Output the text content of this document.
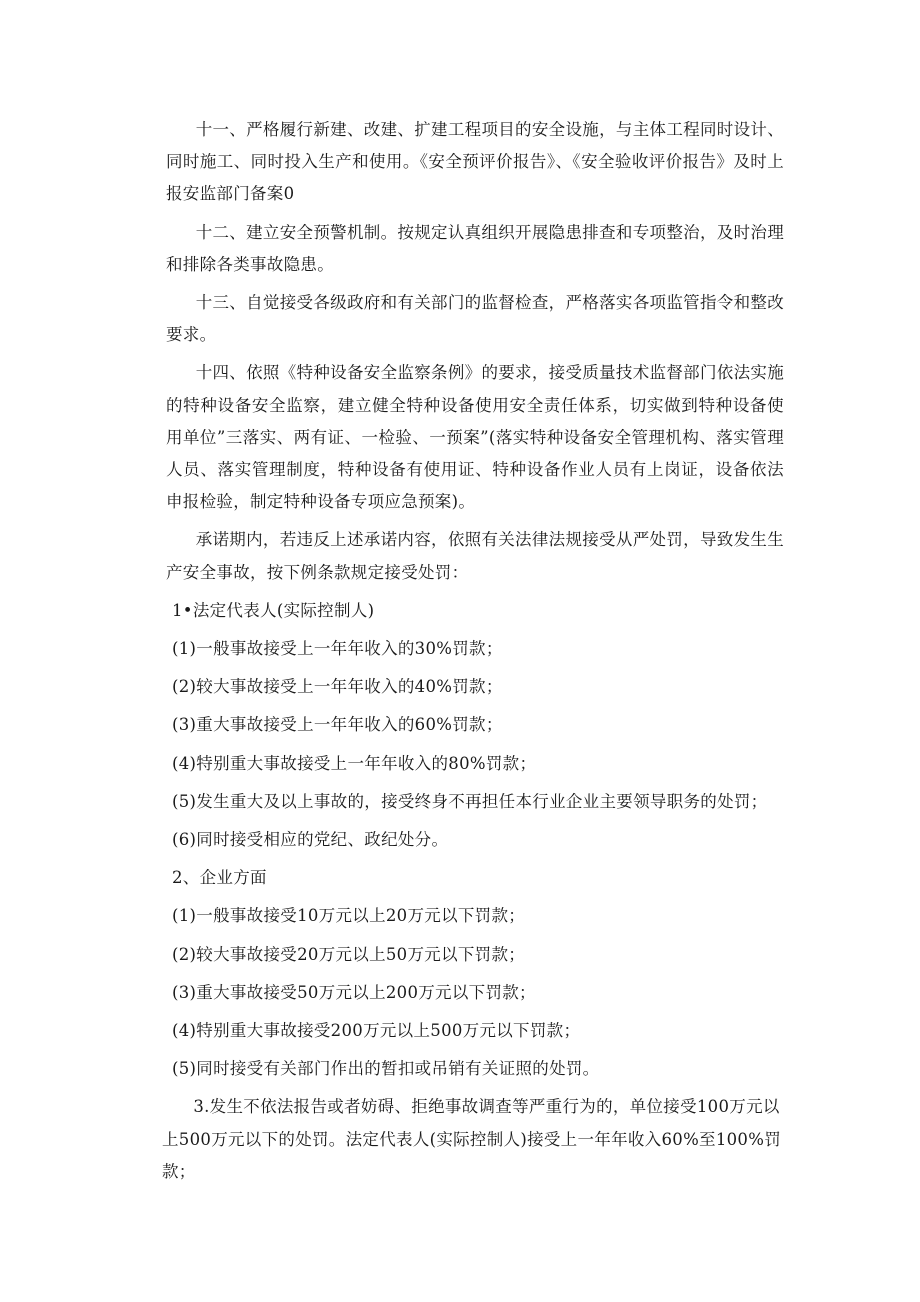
十一、严格履行新建、改建、扩建工程项目的安全设施，与主体工程同时设计、同时施工、同时投入生产和使用。《安全预评价报告》、《安全验收评价报告》及时上报安监部门备案0

十二、建立安全预警机制。按规定认真组织开展隐患排查和专项整治，及时治理和排除各类事故隐患。

十三、自觉接受各级政府和有关部门的监督检查，严格落实各项监管指令和整改要求。

十四、依照《特种设备安全监察条例》的要求，接受质量技术监督部门依法实施的特种设备安全监察，建立健全特种设备使用安全责任体系，切实做到特种设备使用单位”三落实、两有证、一检验、一预案”(落实特种设备安全管理机构、落实管理人员、落实管理制度，特种设备有使用证、特种设备作业人员有上岗证，设备依法申报检验，制定特种设备专项应急预案)。

承诺期内，若违反上述承诺内容，依照有关法律法规接受从严处罚，导致发生生产安全事故，按下例条款规定接受处罚：

1•法定代表人(实际控制人)

(1)一般事故接受上一年年收入的30%罚款；

(2)较大事故接受上一年年收入的40%罚款；

(3)重大事故接受上一年年收入的60%罚款；

(4)特别重大事故接受上一年年收入的80%罚款；

(5)发生重大及以上事故的，接受终身不再担任本行业企业主要领导职务的处罚；

(6)同时接受相应的党纪、政纪处分。

2、企业方面

(1)一般事故接受10万元以上20万元以下罚款；

(2)较大事故接受20万元以上50万元以下罚款；

(3)重大事故接受50万元以上200万元以下罚款；

(4)特别重大事故接受200万元以上500万元以下罚款；

(5)同时接受有关部门作出的暂扣或吊销有关证照的处罚。

3.发生不依法报告或者妨碍、拒绝事故调查等严重行为的，单位接受100万元以上500万元以下的处罚。法定代表人(实际控制人)接受上一年年收入60%至100%罚款；
